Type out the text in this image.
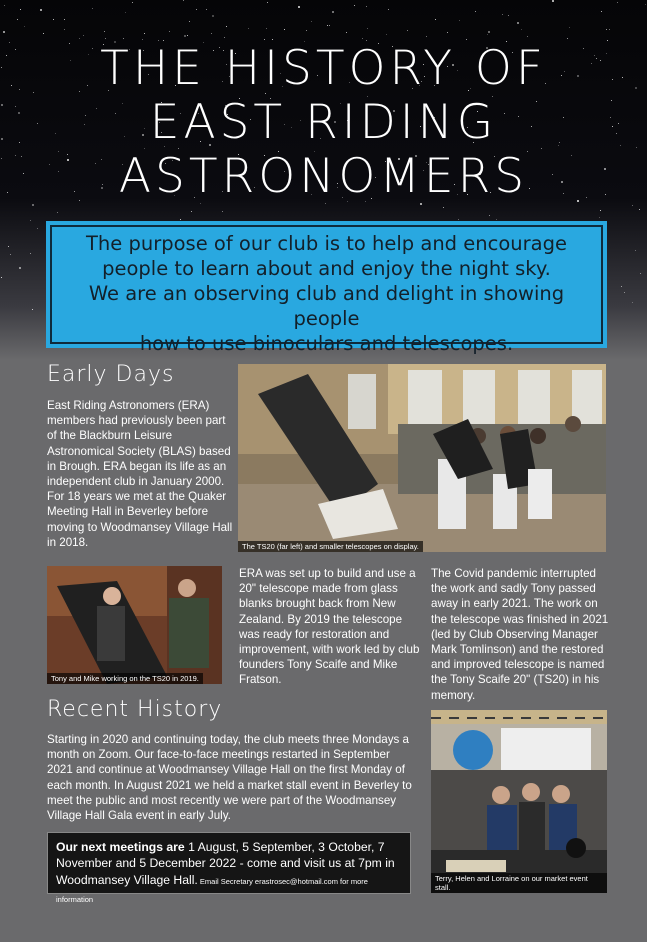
THE HISTORY OF
EAST RIDING
ASTRONOMERS
The purpose of our club is to help and encourage
people to learn about and enjoy the night sky.
We are an observing club and delight in showing people
how to use binoculars and telescopes.
Early Days
East Riding Astronomers (ERA) members had previously been part of the Blackburn Leisure Astronomical Society (BLAS) based in Brough. ERA began its life as an independent club in January 2000. For 18 years we met at the Quaker Meeting Hall in Beverley before moving to Woodmansey Village Hall in 2018.	The TS20 (far left) and smaller telescopes on display.
Tony and Mike working on the TS20 in 2019.
ERA was set up to build and use a 20" telescope made from glass blanks brought back from New Zealand. By 2019 the telescope was ready for restoration and improvement, with work led by club founders Tony Scaife and Mike Fratson.
The Covid pandemic interrupted the work and sadly Tony passed away in early 2021. The work on the telescope was finished in 2021 (led by Club Observing Manager Mark Tomlinson) and the restored and improved telescope is named the Tony Scaife 20" (TS20) in his memory.
Recent History
Starting in 2020 and continuing today, the club meets three Mondays a month on Zoom. Our face-to-face meetings restarted in September 2021 and continue at Woodmansey Village Hall on the first Monday of each month. In August 2021 we held a market stall event in Beverley to meet the public and most recently we were part of the Woodmansey Village Hall Gala event in early July.
Terry, Helen and Lorraine on our market event stall.
Our next meetings are 1 August, 5 September, 3 October, 7 November and 5 December 2022 - come and visit us at 7pm in Woodmansey Village Hall. Email Secretary erastrosec@hotmail.com for more information
